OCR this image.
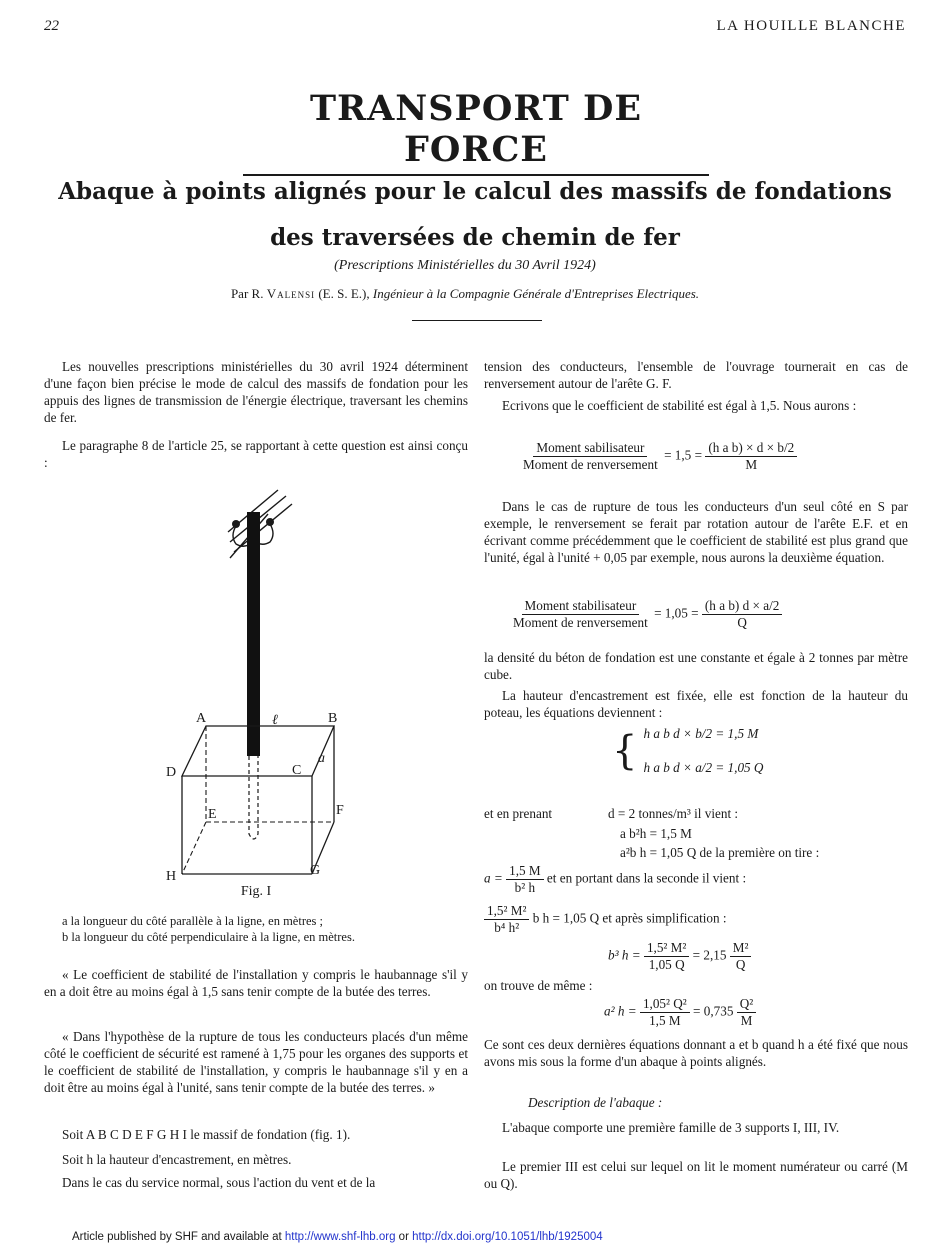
22	LA HOUILLE BLANCHE
TRANSPORT DE FORCE
Abaque à points alignés pour le calcul des massifs de fondations
des traversées de chemin de fer
(Prescriptions Ministérielles du 30 Avril 1924)
Par R. Valensi (E. S. E.), Ingénieur à la Compagnie Générale d'Entreprises Electriques.

Les nouvelles prescriptions ministérielles du 30 avril 1924 déterminent d'une façon bien précise le mode de calcul des massifs de fondation pour les appuis des lignes de transmission de l'énergie électrique, traversant les chemins de fer.

Le paragraphe 8 de l'article 25, se rapportant à cette question est ainsi conçu :

A	B
D	C
E	F
H	G
ℓ
a
Fig. I
a la longueur du côté parallèle à la ligne, en mètres ;
b la longueur du côté perpendiculaire à la ligne, en mètres.

« Le coefficient de stabilité de l'installation y compris le haubannage s'il y en a doit être au moins égal à 1,5 sans tenir compte de la butée des terres.

« Dans l'hypothèse de la rupture de tous les conducteurs placés d'un même côté le coefficient de sécurité est ramené à 1,75 pour les organes des supports et le coefficient de stabilité de l'installation, y compris le haubannage s'il y en a doit être au moins égal à l'unité, sans tenir compte de la butée des terres. »

Soit A B C D E F G H I le massif de fondation (fig. 1).

Soit h la hauteur d'encastrement, en mètres.

Dans le cas du service normal, sous l'action du vent et de la

tension des conducteurs, l'ensemble de l'ouvrage tournerait en cas de renversement autour de l'arête G. F.

Ecrivons que le coefficient de stabilité est égal à 1,5. Nous aurons :

$\frac{\text{Moment sabilisateur}}{\text{Moment de renversement}} = 1,5 = \frac{\text{(h a b) × d × b/2}}{M}$

Dans le cas de rupture de tous les conducteurs d'un seul côté en S par exemple, le renversement se ferait par rotation autour de l'arête E.F. et en écrivant comme précédemment que le coefficient de stabilité est plus grand que l'unité, égal à l'unité + 0,05 par exemple, nous aurons la deuxième équation.

$\frac{\text{Moment stabilisateur}}{\text{Moment de renversement}} = 1,05 = \frac{\text{(h a b) d × a/2}}{Q}$

la densité du béton de fondation est une constante et égale à 2 tonnes par mètre cube.

La hauteur d'encastrement est fixée, elle est fonction de la hauteur du poteau, les équations deviennent :

{ h a b d × b/2 = 1,5 M
h a b d × a/2 = 1,05 Q
et en prenant	d = 2 tonnes/m³ il vient :
a b²h = 1,5 M
a²b h = 1,05 Q de la première on tire :
$a = \frac{1,5 M}{\text{b² h}}$ et en portant dans la seconde il vient :
$\frac{\text{1,5² M²}}{\text{b⁴ h²}}$ b h = 1,05 Q et après simplification :
b³ $h = \frac{\text{1,5² M²}}{1,05 Q} = 2,15 \frac{\text{M²}}{Q}$
on trouve de même :
a² $h = \frac{\text{1,05² Q²}}{1,5 M} = 0,735 \frac{\text{Q²}}{M}$

Ce sont ces deux dernières équations donnant a et b quand h a été fixé que nous avons mis sous la forme d'un abaque à points alignés.

Description de l'abaque :

L'abaque comporte une première famille de 3 supports I, III, IV.

Le premier III est celui sur lequel on lit le moment numérateur ou carré (M ou Q).

Article published by SHF and available at http://www.shf-lhb.org or http://dx.doi.org/10.1051/lhb/1925004
